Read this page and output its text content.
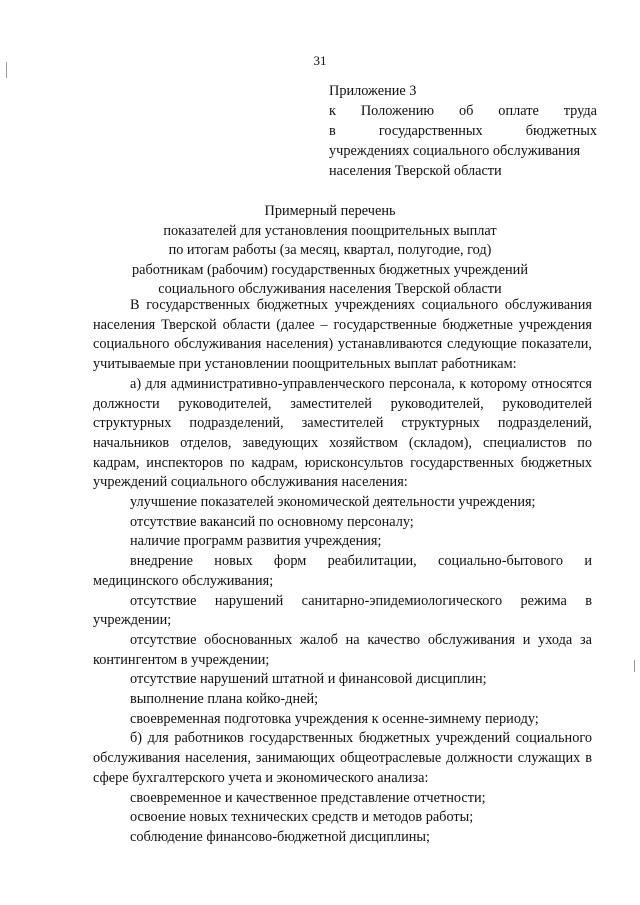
31
Приложение 3
к Положению об оплате труда
в	государственных	бюджетных
учреждениях социального обслуживания
населения Тверской области
Примерный перечень
показателей для установления поощрительных выплат
по итогам работы (за месяц, квартал, полугодие, год)
работникам (рабочим) государственных бюджетных учреждений
социального обслуживания населения Тверской области

В государственных бюджетных учреждениях социального обслуживания населения Тверской области (далее – государственные бюджетные учреждения социального обслуживания населения) устанавливаются следующие показатели, учитываемые при установлении поощрительных выплат работникам:

а) для административно-управленческого персонала, к которому относятся должности руководителей, заместителей руководителей, руководителей структурных подразделений, заместителей структурных подразделений, начальников отделов, заведующих хозяйством (складом), специалистов по кадрам, инспекторов по кадрам, юрисконсультов государственных бюджетных учреждений социального обслуживания населения:

улучшение показателей экономической деятельности учреждения;

отсутствие вакансий по основному персоналу;

наличие программ развития учреждения;

внедрение новых форм реабилитации, социально-бытового и медицинского обслуживания;

отсутствие нарушений санитарно-эпидемиологического режима в учреждении;

отсутствие обоснованных жалоб на качество обслуживания и ухода за контингентом в учреждении;

отсутствие нарушений штатной и финансовой дисциплин;

выполнение плана койко-дней;

своевременная подготовка учреждения к осенне-зимнему периоду;

б) для работников государственных бюджетных учреждений социального обслуживания населения, занимающих общеотраслевые должности служащих в сфере бухгалтерского учета и экономического анализа:

своевременное и качественное представление отчетности;

освоение новых технических средств и методов работы;

соблюдение финансово-бюджетной дисциплины;
